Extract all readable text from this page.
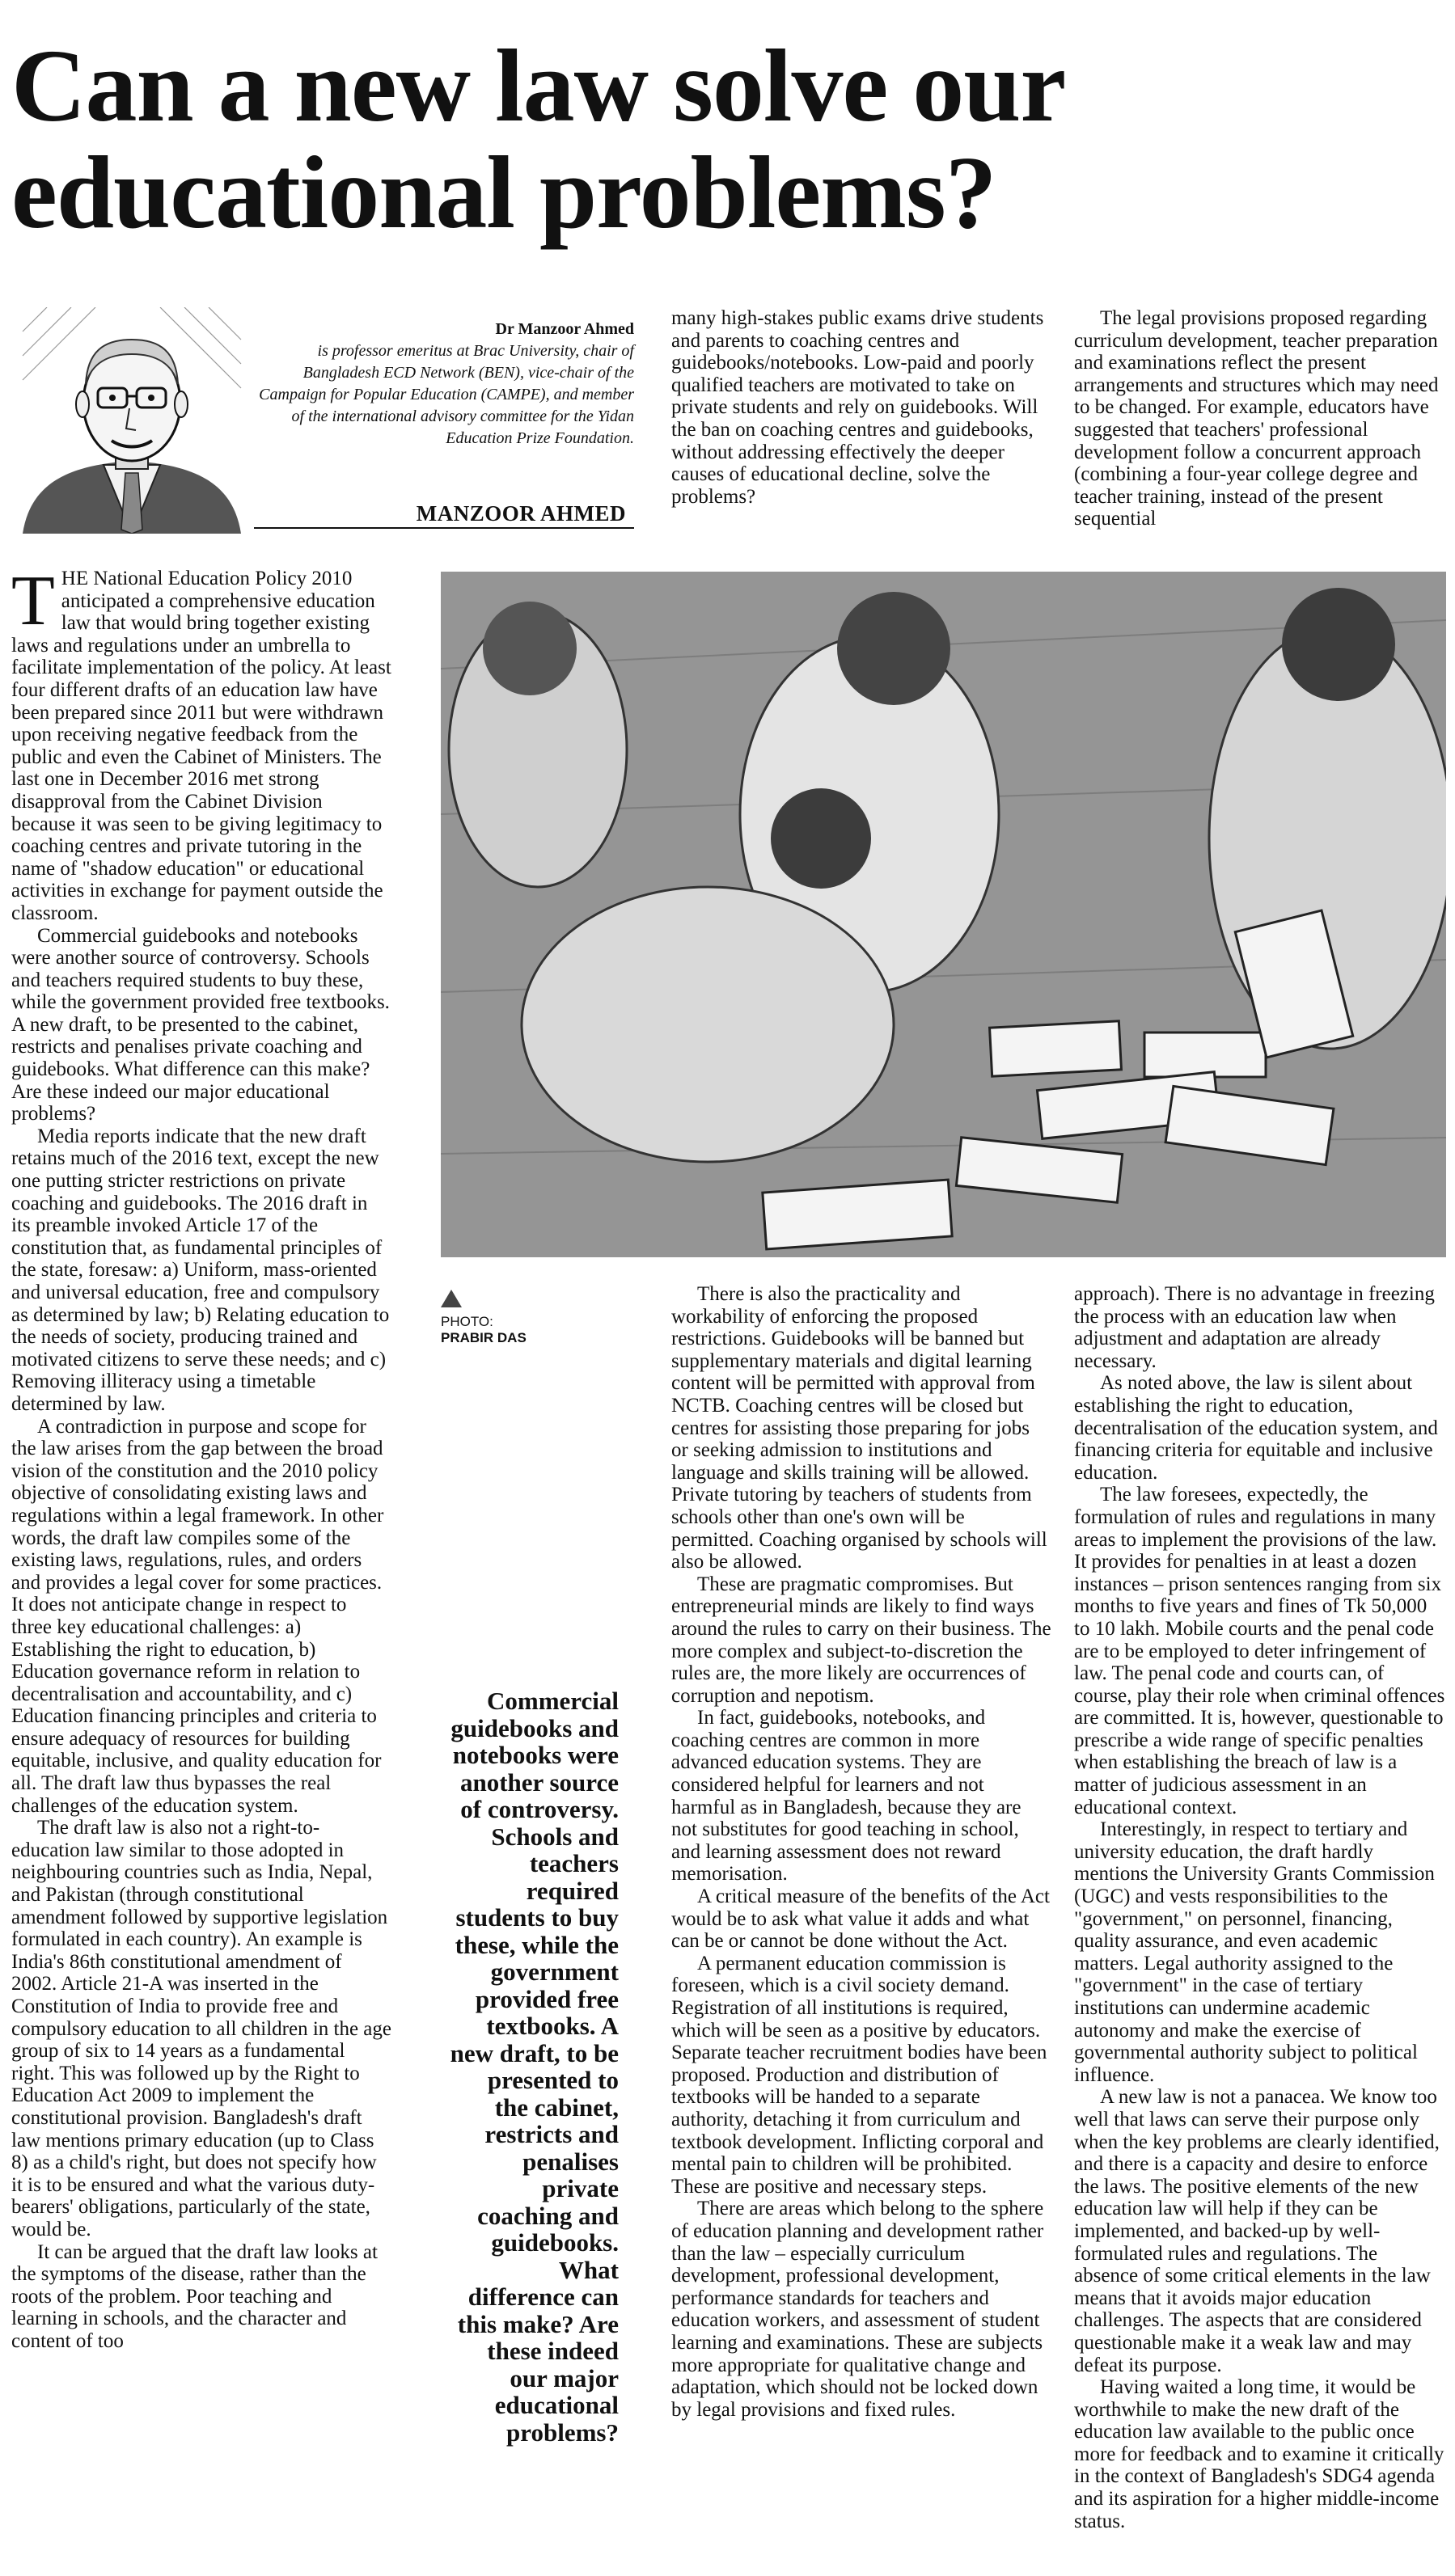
Can a new law solve our educational problems?
Dr Manzoor Ahmed
is professor emeritus at Brac University, chair of Bangladesh ECD Network (BEN), vice-chair of the Campaign for Popular Education (CAMPE), and member of the international advisory committee for the Yidan Education Prize Foundation.
MANZOOR AHMED

many high-stakes public exams drive students and parents to coaching centres and guidebooks/notebooks. Low-paid and poorly qualified teachers are motivated to take on private students and rely on guidebooks. Will the ban on coaching centres and guidebooks, without addressing effectively the deeper causes of educational decline, solve the problems?

The legal provisions proposed regarding curriculum development, teacher preparation and examinations reflect the present arrangements and structures which may need to be changed. For example, educators have suggested that teachers' professional development follow a concurrent approach (combining a four-year college degree and teacher training, instead of the present sequential

THE National Education Policy 2010 anticipated a comprehensive education law that would bring together existing laws and regulations under an umbrella to facilitate implementation of the policy. At least four different drafts of an education law have been prepared since 2011 but were withdrawn upon receiving negative feedback from the public and even the Cabinet of Ministers. The last one in December 2016 met strong disapproval from the Cabinet Division because it was seen to be giving legitimacy to coaching centres and private tutoring in the name of "shadow education" or educational activities in exchange for payment outside the classroom.

Commercial guidebooks and notebooks were another source of controversy. Schools and teachers required students to buy these, while the government provided free textbooks. A new draft, to be presented to the cabinet, restricts and penalises private coaching and guidebooks. What difference can this make? Are these indeed our major educational problems?

Media reports indicate that the new draft retains much of the 2016 text, except the new one putting stricter restrictions on private coaching and guidebooks. The 2016 draft in its preamble invoked Article 17 of the constitution that, as fundamental principles of the state, foresaw: a) Uniform, mass-oriented and universal education, free and compulsory as determined by law; b) Relating education to the needs of society, producing trained and motivated citizens to serve these needs; and c) Removing illiteracy using a timetable determined by law.

A contradiction in purpose and scope for the law arises from the gap between the broad vision of the constitution and the 2010 policy objective of consolidating existing laws and regulations within a legal framework. In other words, the draft law compiles some of the existing laws, regulations, rules, and orders and provides a legal cover for some practices. It does not anticipate change in respect to three key educational challenges: a) Establishing the right to education, b) Education governance reform in relation to decentralisation and accountability, and c) Education financing principles and criteria to ensure adequacy of resources for building equitable, inclusive, and quality education for all. The draft law thus bypasses the real challenges of the education system.

The draft law is also not a right-to-education law similar to those adopted in neighbouring countries such as India, Nepal, and Pakistan (through constitutional amendment followed by supportive legislation formulated in each country). An example is India's 86th constitutional amendment of 2002. Article 21-A was inserted in the Constitution of India to provide free and compulsory education to all children in the age group of six to 14 years as a fundamental right. This was followed up by the Right to Education Act 2009 to implement the constitutional provision. Bangladesh's draft law mentions primary education (up to Class 8) as a child's right, but does not specify how it is to be ensured and what the various duty-bearers' obligations, particularly of the state, would be.

It can be argued that the draft law looks at the symptoms of the disease, rather than the roots of the problem. Poor teaching and learning in schools, and the character and content of too

PHOTO:
PRABIR DAS
Commercial guidebooks and notebooks were another source of controversy. Schools and teachers required students to buy these, while the government provided free textbooks. A new draft, to be presented to the cabinet, restricts and penalises private coaching and guidebooks. What difference can this make? Are these indeed our major educational problems?

There is also the practicality and workability of enforcing the proposed restrictions. Guidebooks will be banned but supplementary materials and digital learning content will be permitted with approval from NCTB. Coaching centres will be closed but centres for assisting those preparing for jobs or seeking admission to institutions and language and skills training will be allowed. Private tutoring by teachers of students from schools other than one's own will be permitted. Coaching organised by schools will also be allowed.

These are pragmatic compromises. But entrepreneurial minds are likely to find ways around the rules to carry on their business. The more complex and subject-to-discretion the rules are, the more likely are occurrences of corruption and nepotism.

In fact, guidebooks, notebooks, and coaching centres are common in more advanced education systems. They are considered helpful for learners and not harmful as in Bangladesh, because they are not substitutes for good teaching in school, and learning assessment does not reward memorisation.

A critical measure of the benefits of the Act would be to ask what value it adds and what can be or cannot be done without the Act.

A permanent education commission is foreseen, which is a civil society demand. Registration of all institutions is required, which will be seen as a positive by educators. Separate teacher recruitment bodies have been proposed. Production and distribution of textbooks will be handed to a separate authority, detaching it from curriculum and textbook development. Inflicting corporal and mental pain to children will be prohibited. These are positive and necessary steps.

There are areas which belong to the sphere of education planning and development rather than the law – especially curriculum development, professional development, performance standards for teachers and education workers, and assessment of student learning and examinations. These are subjects more appropriate for qualitative change and adaptation, which should not be locked down by legal provisions and fixed rules.

approach). There is no advantage in freezing the process with an education law when adjustment and adaptation are already necessary.

As noted above, the law is silent about establishing the right to education, decentralisation of the education system, and financing criteria for equitable and inclusive education.

The law foresees, expectedly, the formulation of rules and regulations in many areas to implement the provisions of the law. It provides for penalties in at least a dozen instances – prison sentences ranging from six months to five years and fines of Tk 50,000 to 10 lakh. Mobile courts and the penal code are to be employed to deter infringement of law. The penal code and courts can, of course, play their role when criminal offences are committed. It is, however, questionable to prescribe a wide range of specific penalties when establishing the breach of law is a matter of judicious assessment in an educational context.

Interestingly, in respect to tertiary and university education, the draft hardly mentions the University Grants Commission (UGC) and vests responsibilities to the "government," on personnel, financing, quality assurance, and even academic matters. Legal authority assigned to the "government" in the case of tertiary institutions can undermine academic autonomy and make the exercise of governmental authority subject to political influence.

A new law is not a panacea. We know too well that laws can serve their purpose only when the key problems are clearly identified, and there is a capacity and desire to enforce the laws. The positive elements of the new education law will help if they can be implemented, and backed-up by well-formulated rules and regulations. The absence of some critical elements in the law means that it avoids major education challenges. The aspects that are considered questionable make it a weak law and may defeat its purpose.

Having waited a long time, it would be worthwhile to make the new draft of the education law available to the public once more for feedback and to examine it critically in the context of Bangladesh's SDG4 agenda and its aspiration for a higher middle-income status.
